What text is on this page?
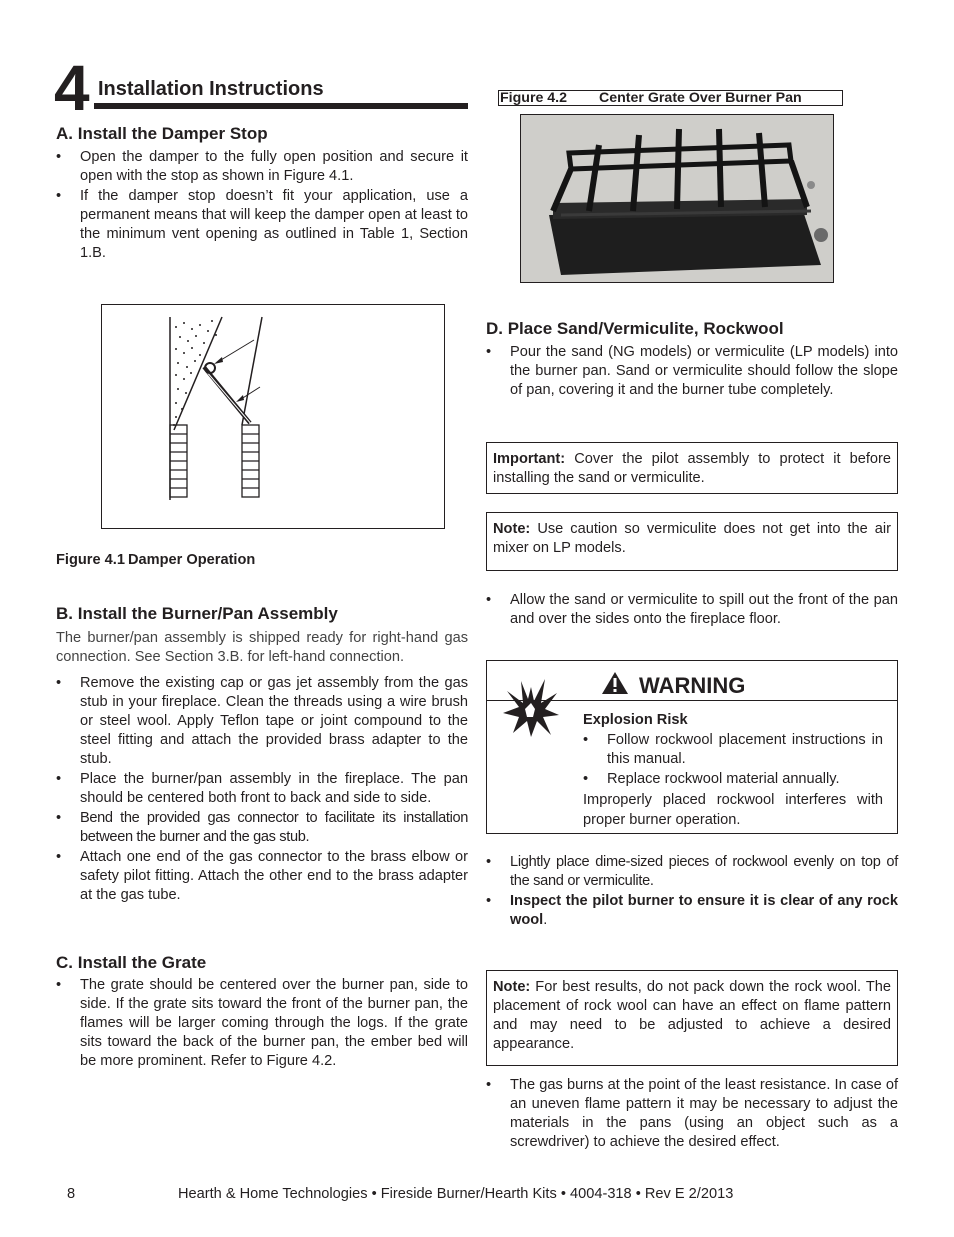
4 Installation Instructions
A. Install the Damper Stop
• Open the damper to the fully open position and secure it open with the stop as shown in Figure 4.1.
• If the damper stop doesn’t fit your application, use a permanent means that will keep the damper open at least to the minimum vent opening as outlined in Table 1, Section 1.B.
Figure 4.1 Damper Operation
B. Install the Burner/Pan Assembly

The burner/pan assembly is shipped ready for right-hand gas connection. See Section 3.B. for left-hand connection.

• Remove the existing cap or gas jet assembly from the gas stub in your fireplace. Clean the threads using a wire brush or steel wool. Apply Teflon tape or joint compound to the steel fitting and attach the provided brass adapter to the stub.
• Place the burner/pan assembly in the fireplace. The pan should be centered both front to back and side to side.
• Bend the provided gas connector to facilitate its installation between the burner and the gas stub.
• Attach one end of the gas connector to the brass elbow or safety pilot fitting. Attach the other end to the brass adapter at the gas tube.
C. Install the Grate
• The grate should be centered over the burner pan, side to side. If the grate sits toward the front of the burner pan, the flames will be larger coming through the logs. If the grate sits toward the back of the burner pan, the ember bed will be more prominent. Refer to Figure 4.2.
Figure 4.2 Center Grate Over Burner Pan
D. Place Sand/Vermiculite, Rockwool
• Pour the sand (NG models) or vermiculite (LP models) into the burner pan. Sand or vermiculite should follow the slope of pan, covering it and the burner tube completely.
Important: Cover the pilot assembly to protect it before installing the sand or vermiculite.
Note: Use caution so vermiculite does not get into the air mixer on LP models.
• Allow the sand or vermiculite to spill out the front of the pan and over the sides onto the fireplace floor.
WARNING
Explosion Risk
• Follow rockwool placement instructions in this manual.
• Replace rockwool material annually.

Improperly placed rockwool interferes with proper burner operation.

• Lightly place dime-sized pieces of rockwool evenly on top of the sand or vermiculite.
• Inspect the pilot burner to ensure it is clear of any rock wool.
Note: For best results, do not pack down the rock wool. The placement of rock wool can have an effect on flame pattern and may need to be adjusted to achieve a desired appearance.
• The gas burns at the point of the least resistance. In case of an uneven flame pattern it may be necessary to adjust the materials in the pans (using an object such as a screwdriver) to achieve the desired effect.
8	Hearth & Home Technologies • Fireside Burner/Hearth Kits • 4004-318 • Rev E 2/2013
